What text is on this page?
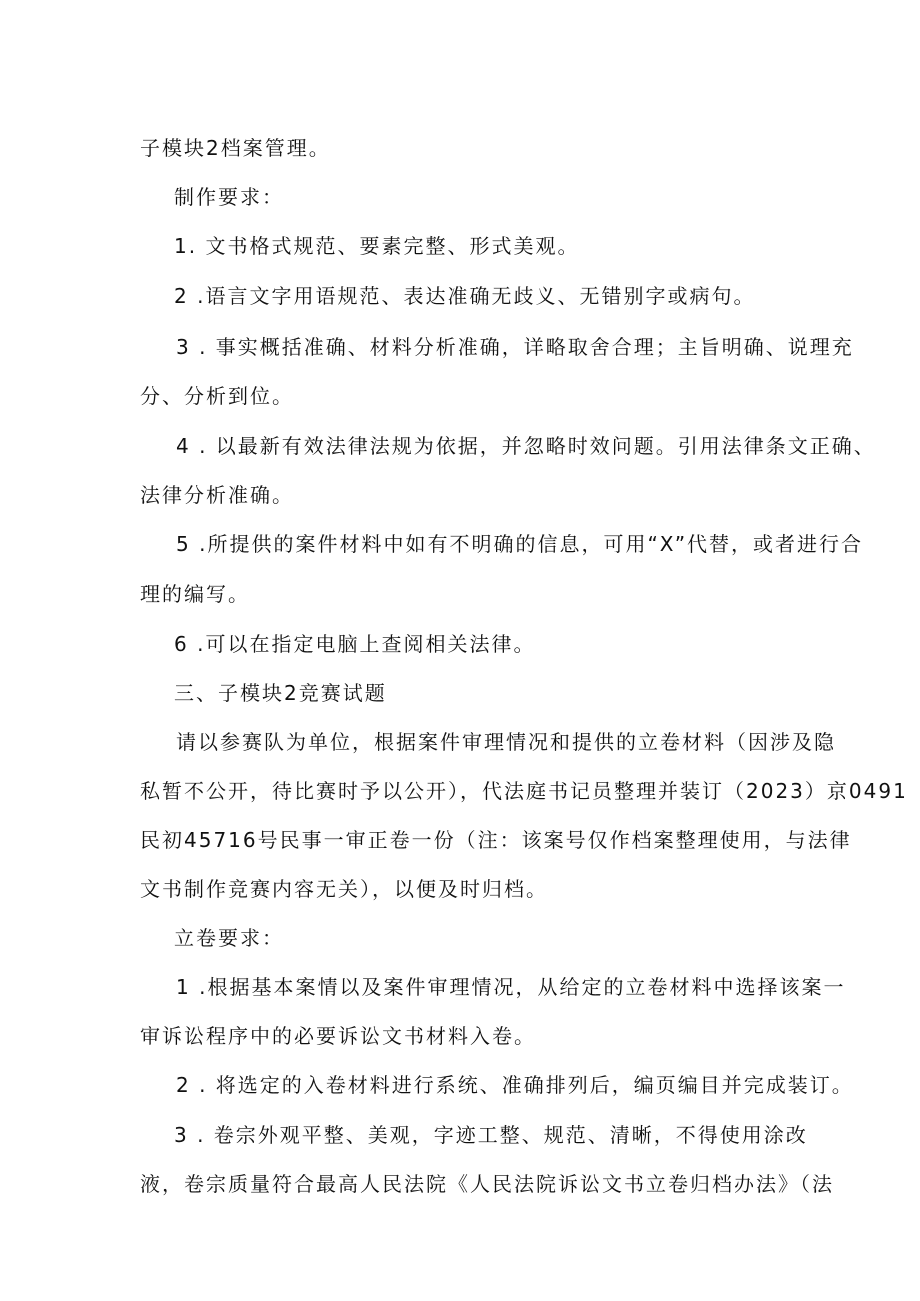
子模块2档案管理。
制作要求：
1. 文书格式规范、要素完整、形式美观。
2 .语言文字用语规范、表达准确无歧义、无错别字或病句。
3 . 事实概括准确、材料分析准确，详略取舍合理；主旨明确、说理充
分、分析到位。
4 . 以最新有效法律法规为依据，并忽略时效问题。引用法律条文正确、
法律分析准确。
5 .所提供的案件材料中如有不明确的信息，可用“X”代替，或者进行合
理的编写。
6 .可以在指定电脑上查阅相关法律。
三、子模块2竞赛试题
请以参赛队为单位，根据案件审理情况和提供的立卷材料（因涉及隐
私暂不公开，待比赛时予以公开），代法庭书记员整理并装订（2023）京0491
民初45716号民事一审正卷一份（注：该案号仅作档案整理使用，与法律
文书制作竞赛内容无关），以便及时归档。
立卷要求：
1 .根据基本案情以及案件审理情况，从给定的立卷材料中选择该案一
审诉讼程序中的必要诉讼文书材料入卷。
2 . 将选定的入卷材料进行系统、准确排列后，编页编目并完成装订。
3 . 卷宗外观平整、美观，字迹工整、规范、清晰，不得使用涂改
液，卷宗质量符合最高人民法院《人民法院诉讼文书立卷归档办法》（法
